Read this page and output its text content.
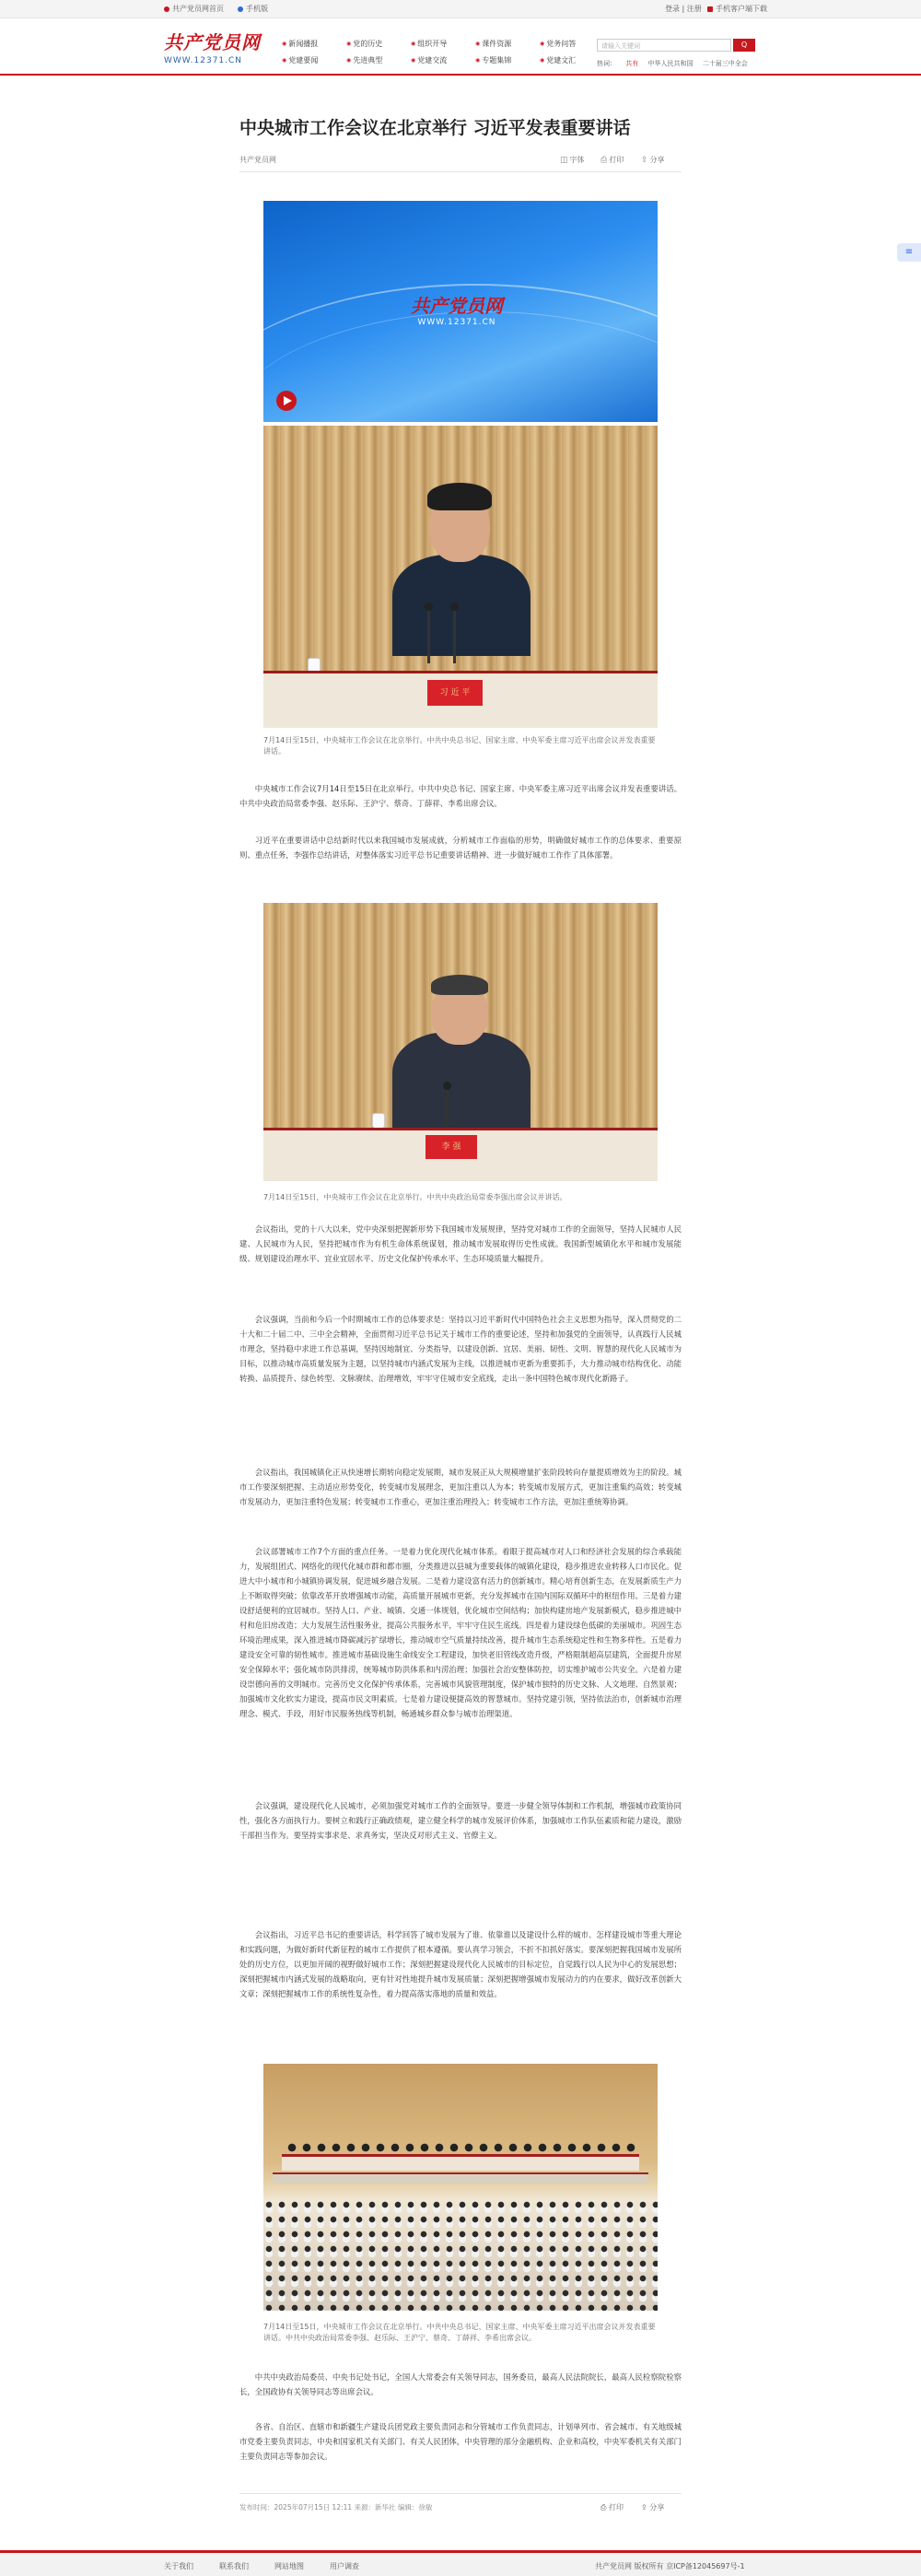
共产党员网首页	手机版	登录 | 注册	手机客户端下载
共产党员网
WWW.12371.CN
◉ 新闻播报	◉ 党的历史	◉ 组织开导	◉ 课件资源	◉ 党务问答
◉ 党建要闻	◉ 先进典型	◉ 党建交流	◉ 专题集锦	◉ 党建文汇
请输入关键词	Q
热词： 共有 中华人民共和国 二十届三中全会
≡
中央城市工作会议在北京举行 习近平发表重要讲话
共产党员网	◫ 字体 ⎙ 打印 ⇪ 分享
共产党员网
WWW.12371.CN
习 近 平
7月14日至15日，中央城市工作会议在北京举行。中共中央总书记、国家主席、中央军委主席习近平出席会议并发表重要讲话。
中央城市工作会议7月14日至15日在北京举行。中共中央总书记、国家主席、中央军委主席习近平出席会议并发表重要讲话。中共中央政治局常委李强、赵乐际、王沪宁、蔡奇、丁薛祥、李希出席会议。
习近平在重要讲话中总结新时代以来我国城市发展成就，分析城市工作面临的形势，明确做好城市工作的总体要求、重要原则、重点任务，李强作总结讲话，对整体落实习近平总书记重要讲话精神、进一步做好城市工作作了具体部署。
李 强
7月14日至15日，中央城市工作会议在北京举行。中共中央政治局常委李强出席会议并讲话。
会议指出，党的十八大以来，党中央深刻把握新形势下我国城市发展规律，坚持党对城市工作的全面领导，坚持人民城市人民建、人民城市为人民，坚持把城市作为有机生命体系统谋划，推动城市发展取得历史性成就。我国新型城镇化水平和城市发展能级、规划建设治理水平、宜业宜居水平、历史文化保护传承水平、生态环境质量大幅提升。
会议强调，当前和今后一个时期城市工作的总体要求是：坚持以习近平新时代中国特色社会主义思想为指导，深入贯彻党的二十大和二十届二中、三中全会精神，全面贯彻习近平总书记关于城市工作的重要论述，坚持和加强党的全面领导，认真践行人民城市理念，坚持稳中求进工作总基调，坚持因地制宜、分类指导，以建设创新、宜居、美丽、韧性、文明、智慧的现代化人民城市为目标，以推动城市高质量发展为主题，以坚持城市内涵式发展为主线，以推进城市更新为重要抓手，大力推动城市结构优化、动能转换、品质提升、绿色转型、文脉赓续、治理增效，牢牢守住城市安全底线，走出一条中国特色城市现代化新路子。
会议指出，我国城镇化正从快速增长期转向稳定发展期，城市发展正从大规模增量扩张阶段转向存量提质增效为主的阶段。城市工作要深刻把握、主动适应形势变化，转变城市发展理念，更加注重以人为本；转变城市发展方式，更加注重集约高效；转变城市发展动力，更加注重特色发展；转变城市工作重心，更加注重治理投入；转变城市工作方法，更加注重统筹协调。
会议部署城市工作7个方面的重点任务。一是着力优化现代化城市体系。着眼于提高城市对人口和经济社会发展的综合承载能力，发展组团式、网络化的现代化城市群和都市圈，分类推进以县城为重要载体的城镇化建设，稳步推进农业转移人口市民化。促进大中小城市和小城镇协调发展，促进城乡融合发展。二是着力建设富有活力的创新城市。精心培育创新生态，在发展新质生产力上不断取得突破；依靠改革开放增强城市动能，高质量开展城市更新，充分发挥城市在国内国际双循环中的枢纽作用。三是着力建设舒适便利的宜居城市。坚持人口、产业、城镇、交通一体规划，优化城市空间结构；加快构建房地产发展新模式，稳步推进城中村和危旧房改造；大力发展生活性服务业，提高公共服务水平，牢牢守住民生底线。四是着力建设绿色低碳的美丽城市。巩固生态环境治理成果，深入推进城市降碳减污扩绿增长，推动城市空气质量持续改善，提升城市生态系统稳定性和生物多样性。五是着力建设安全可靠的韧性城市。推进城市基础设施生命线安全工程建设，加快老旧管线改造升级，严格限制超高层建筑，全面提升房屋安全保障水平；强化城市防洪排涝，统筹城市防洪体系和内涝治理；加强社会治安整体防控，切实维护城市公共安全。六是着力建设崇德向善的文明城市。完善历史文化保护传承体系，完善城市风貌管理制度，保护城市独特的历史文脉、人文地理、自然景观；加强城市文化软实力建设，提高市民文明素质。七是着力建设便捷高效的智慧城市。坚持党建引领，坚持依法治市，创新城市治理理念、模式、手段，用好市民服务热线等机制，畅通城乡群众参与城市治理渠道。
会议强调，建设现代化人民城市，必须加强党对城市工作的全面领导。要进一步健全领导体制和工作机制，增强城市政策协同性，强化各方面执行力。要树立和践行正确政绩观，建立健全科学的城市发展评价体系，加强城市工作队伍素质和能力建设，激励干部担当作为。要坚持实事求是、求真务实，坚决反对形式主义、官僚主义。
会议指出，习近平总书记的重要讲话，科学回答了城市发展为了谁、依靠谁以及建设什么样的城市、怎样建设城市等重大理论和实践问题，为做好新时代新征程的城市工作提供了根本遵循。要认真学习领会，不折不扣抓好落实。要深刻把握我国城市发展所处的历史方位，以更加开阔的视野做好城市工作；深刻把握建设现代化人民城市的目标定位，自觉践行以人民为中心的发展思想；深刻把握城市内涵式发展的战略取向，更有针对性地提升城市发展质量；深刻把握增强城市发展动力的内在要求，做好改革创新大文章；深刻把握城市工作的系统性复杂性，着力提高落实落地的质量和效益。
7月14日至15日，中央城市工作会议在北京举行。中共中央总书记、国家主席、中央军委主席习近平出席会议并发表重要讲话。中共中央政治局常委李强、赵乐际、王沪宁、蔡奇、丁薛祥、李希出席会议。
中共中央政治局委员、中央书记处书记，全国人大常委会有关领导同志，国务委员，最高人民法院院长，最高人民检察院检察长，全国政协有关领导同志等出席会议。
各省、自治区、直辖市和新疆生产建设兵团党政主要负责同志和分管城市工作负责同志，计划单列市、省会城市、有关地级城市党委主要负责同志，中央和国家机关有关部门、有关人民团体，中央管理的部分金融机构、企业和高校，中央军委机关有关部门主要负责同志等参加会议。
发布时间：2025年07月15日 12:11 来源：新华社 编辑：徐敏	⎙ 打印 ⇪ 分享
关于我们	联系我们	网站地图	用户调查	共产党员网 版权所有 京ICP备12045697号-1
